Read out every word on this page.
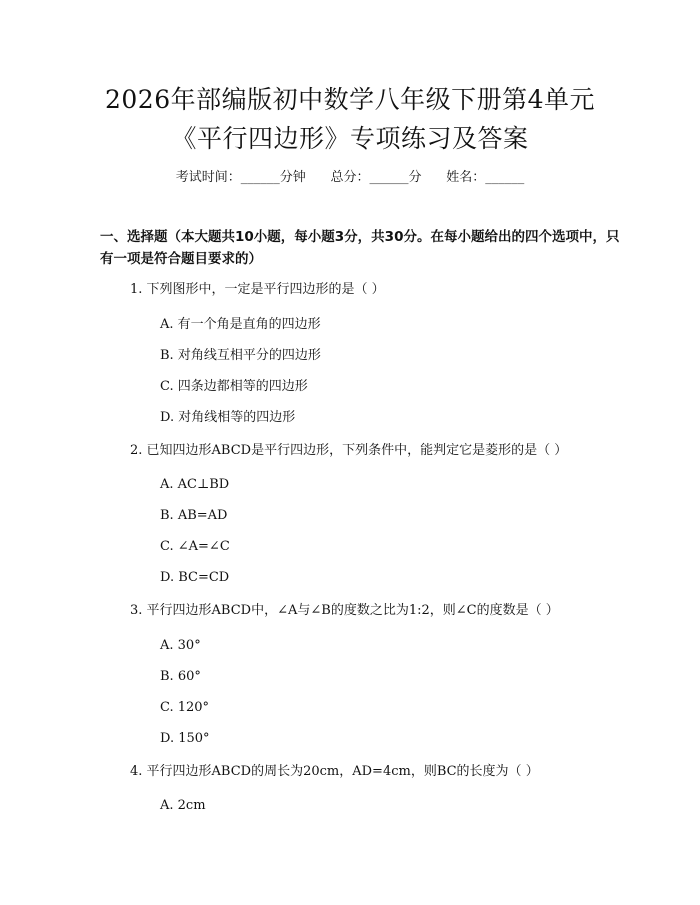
2026年部编版初中数学八年级下册第4单元
《平行四边形》专项练习及答案
考试时间：______分钟      总分：______分      姓名：______
一、选择题（本大题共10小题，每小题3分，共30分。在每小题给出的四个选项中，只有一项是符合题目要求的）
1. 下列图形中，一定是平行四边形的是（ ）
A. 有一个角是直角的四边形
B. 对角线互相平分的四边形
C. 四条边都相等的四边形
D. 对角线相等的四边形
2. 已知四边形ABCD是平行四边形，下列条件中，能判定它是菱形的是（ ）
A. AC⊥BD
B. AB=AD
C. ∠A=∠C
D. BC=CD
3. 平行四边形ABCD中，∠A与∠B的度数之比为1:2，则∠C的度数是（ ）
A. 30°
B. 60°
C. 120°
D. 150°
4. 平行四边形ABCD的周长为20cm，AD=4cm，则BC的长度为（ ）
A. 2cm
